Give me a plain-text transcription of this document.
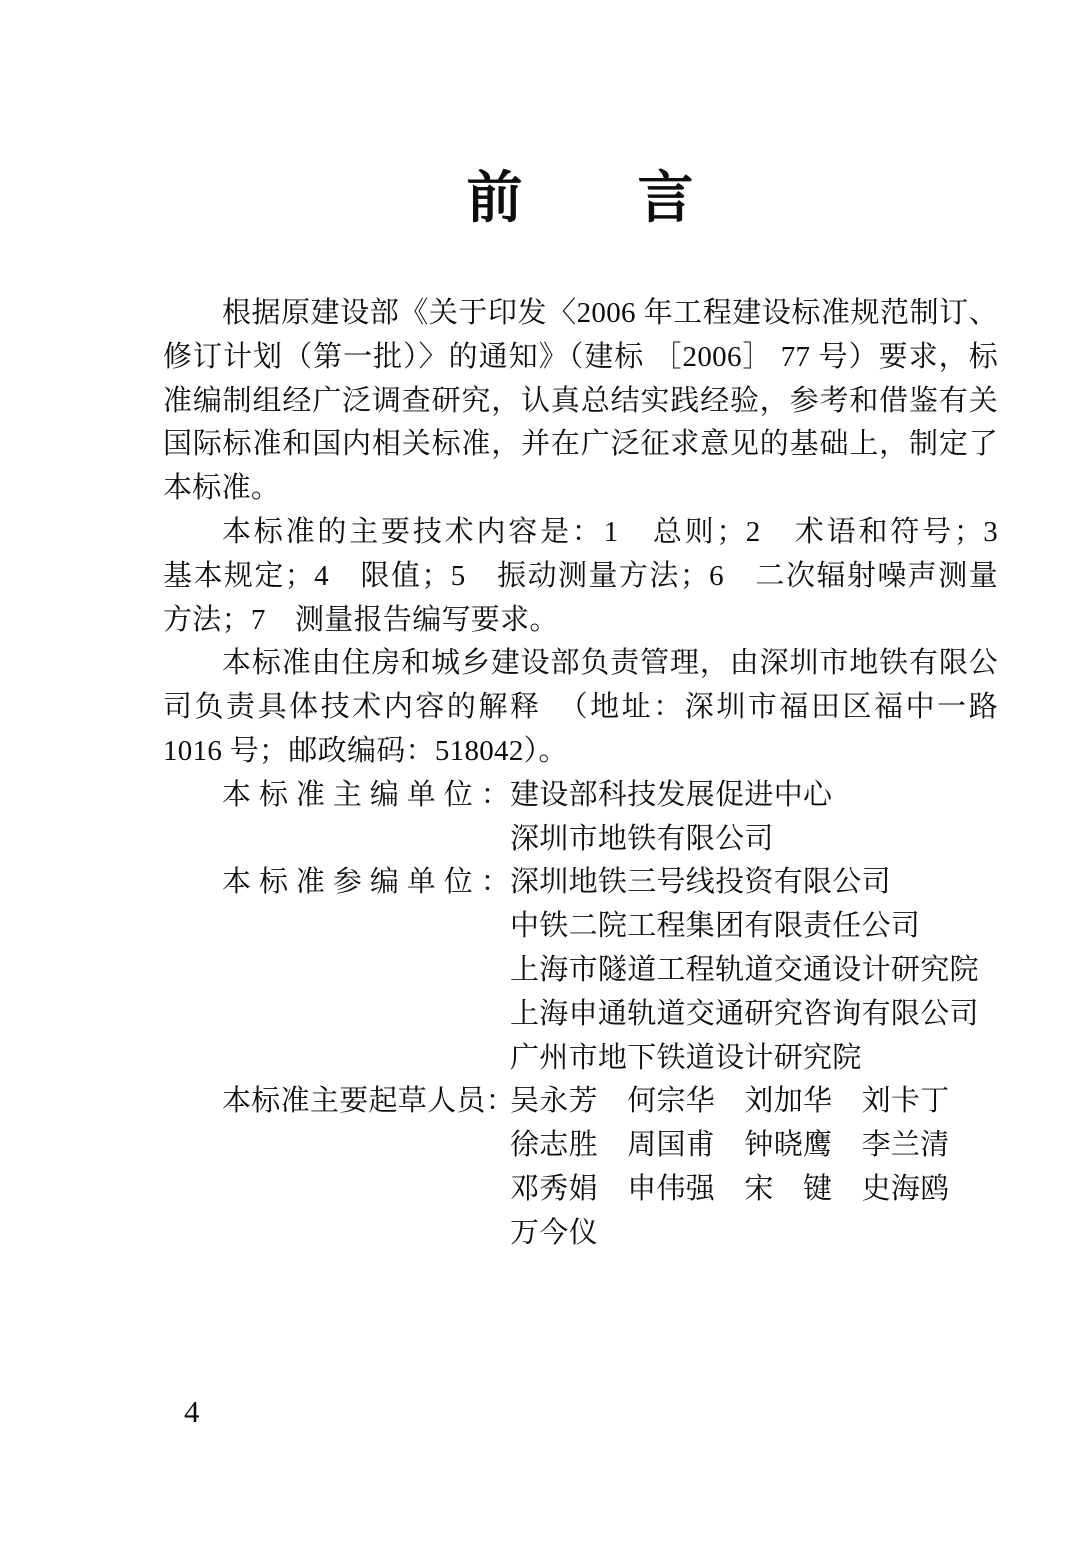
前　　言
根据原建设部《关于印发〈2006 年工程建设标准规范制订、
修订计划（第一批）〉的通知》（建标 ［2006］ 77 号）要求，标
准编制组经广泛调查研究，认真总结实践经验，参考和借鉴有关
国际标准和国内相关标准，并在广泛征求意见的基础上，制定了
本标准。
本标准的主要技术内容是：1　总则；2　术语和符号；3
基本规定；4　限值；5　振动测量方法；6　二次辐射噪声测量
方法；7　测量报告编写要求。
本标准由住房和城乡建设部负责管理，由深圳市地铁有限公
司负责具体技术内容的解释　（地址：深圳市福田区福中一路
1016 号；邮政编码：518042）。
本标准主编单位： 建设部科技发展促进中心
深圳市地铁有限公司
本标准参编单位： 深圳地铁三号线投资有限公司
中铁二院工程集团有限责任公司
上海市隧道工程轨道交通设计研究院
上海申通轨道交通研究咨询有限公司
广州市地下铁道设计研究院
本标准主要起草人员：
吴永芳　何宗华　刘加华　刘卡丁
徐志胜　周国甫　钟晓鹰　李兰清
邓秀娟　申伟强　宋　键　史海鸥
万今仪
4
